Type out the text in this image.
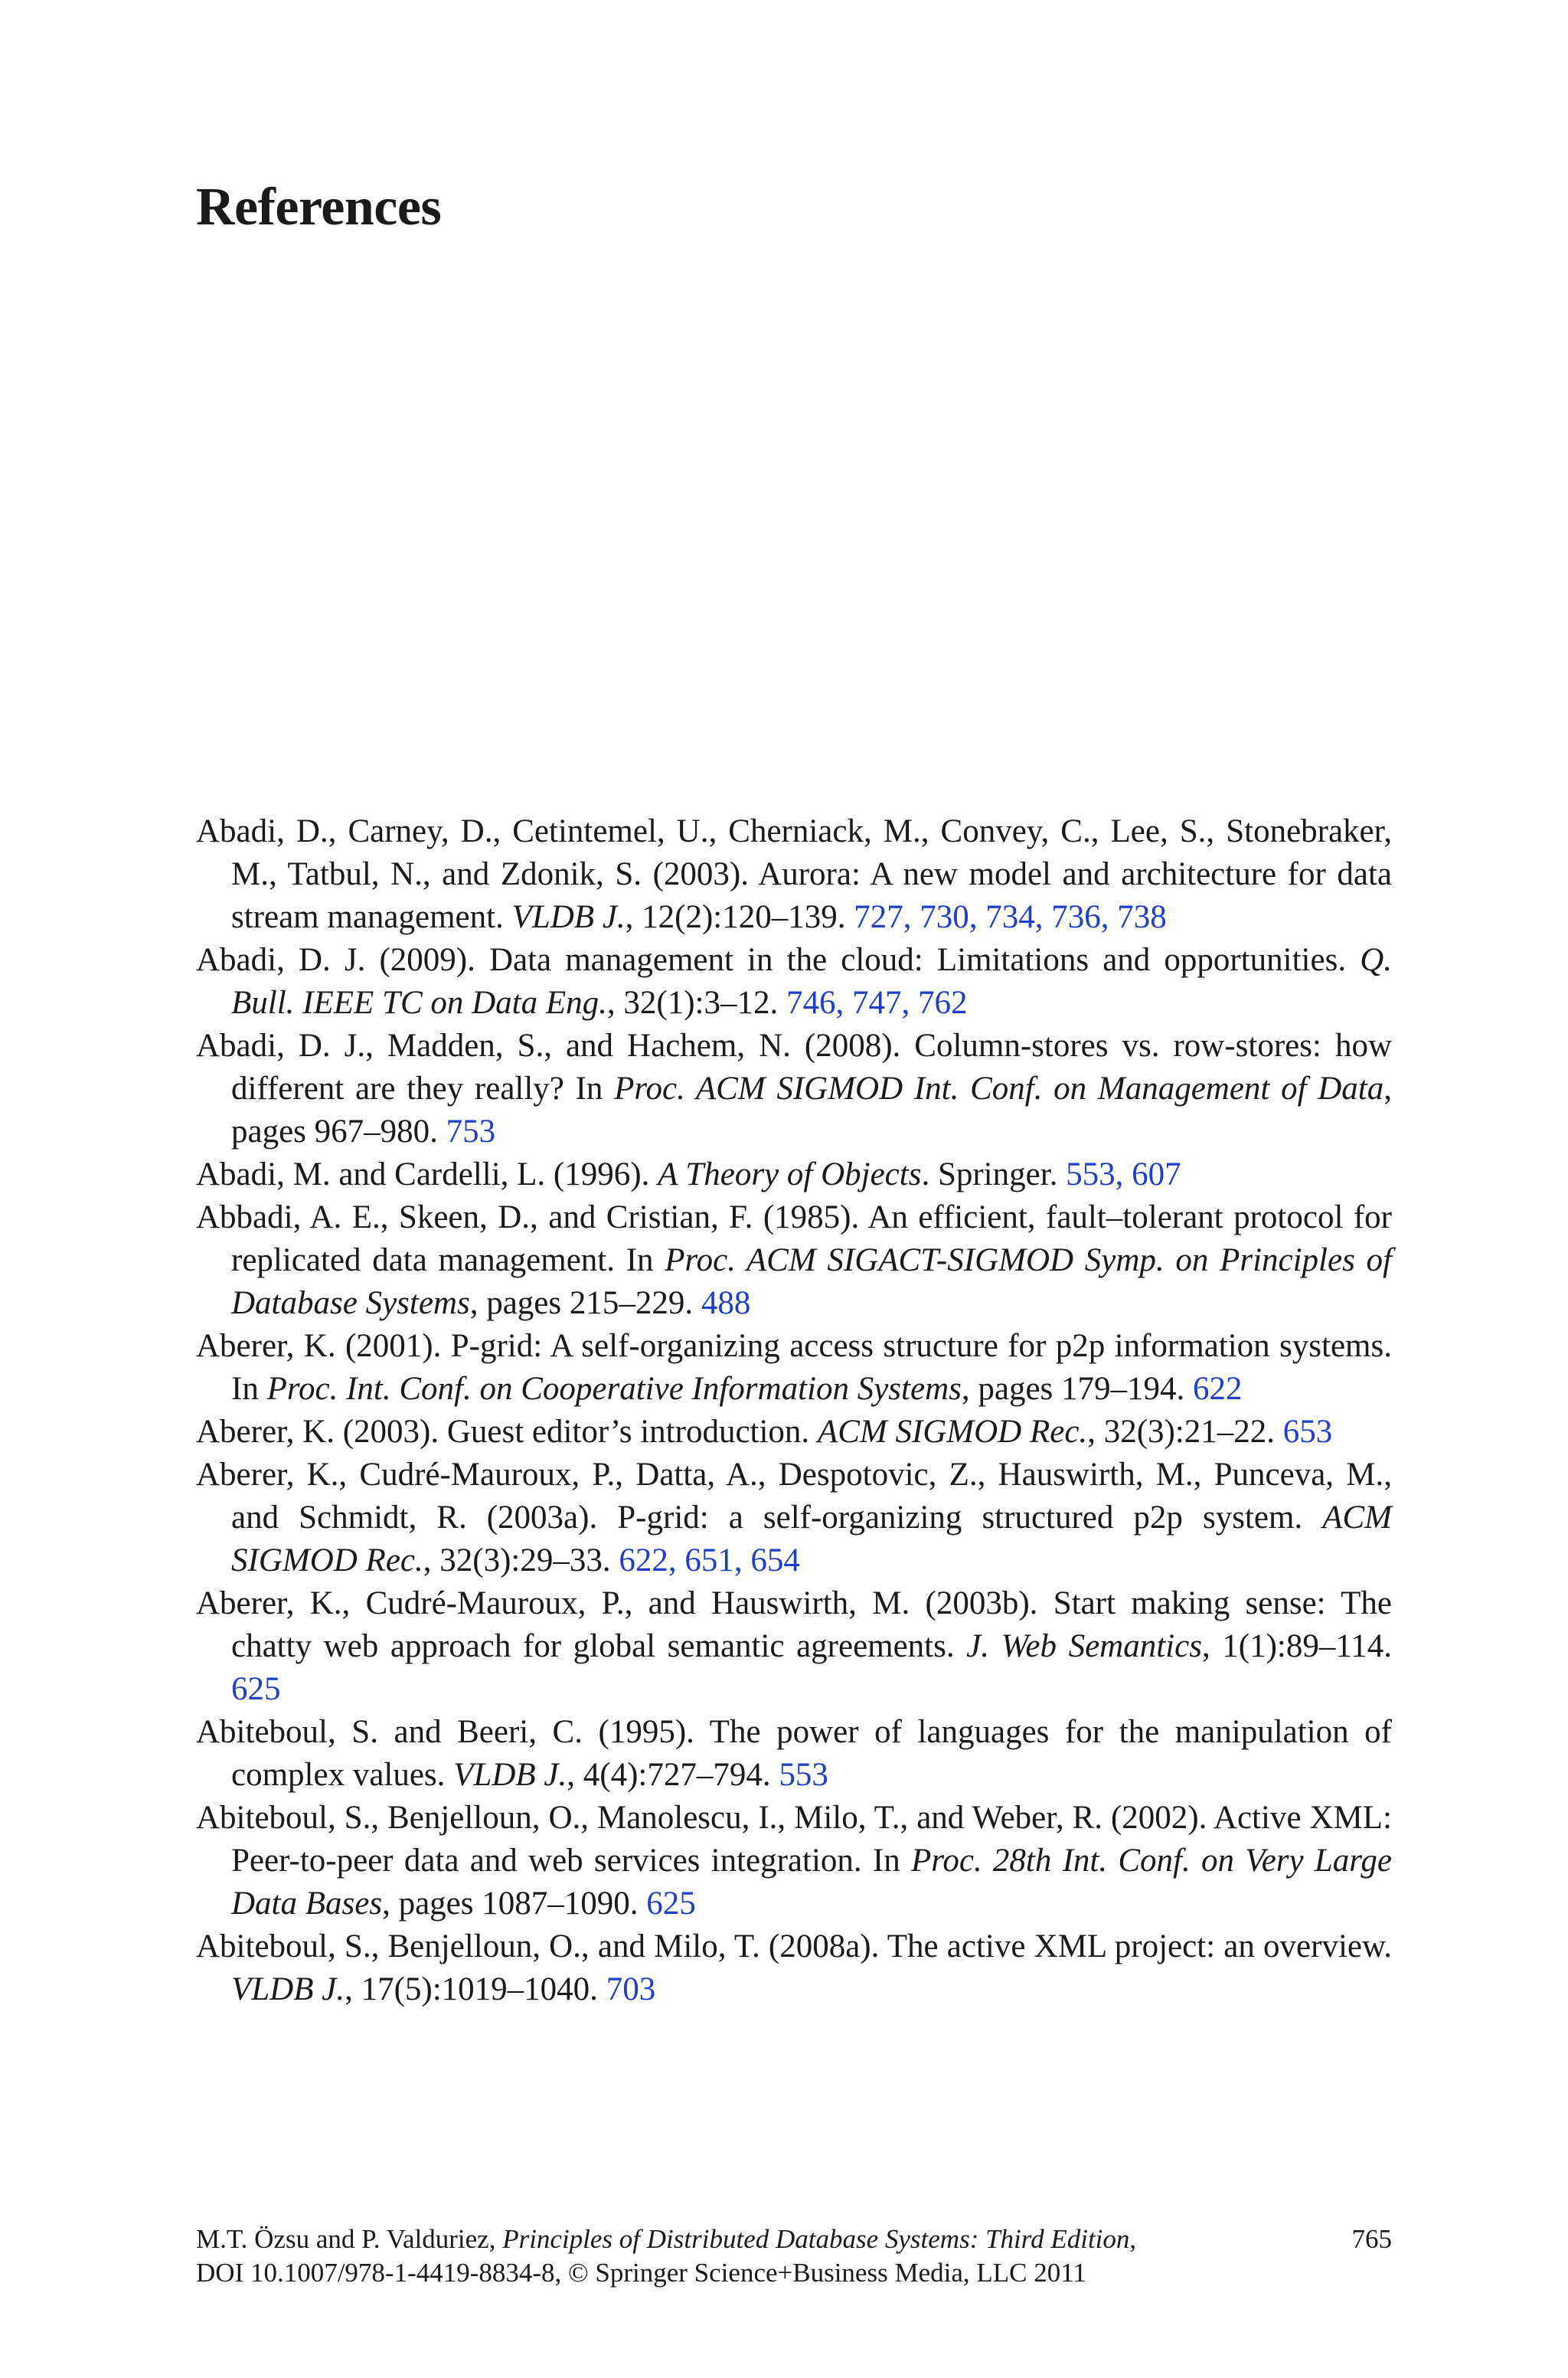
References
Abadi, D., Carney, D., Cetintemel, U., Cherniack, M., Convey, C., Lee, S., Stonebraker, M., Tatbul, N., and Zdonik, S. (2003). Aurora: A new model and architecture for data stream management. VLDB J., 12(2):120–139. 727, 730, 734, 736, 738
Abadi, D. J. (2009). Data management in the cloud: Limitations and opportunities. Q. Bull. IEEE TC on Data Eng., 32(1):3–12. 746, 747, 762
Abadi, D. J., Madden, S., and Hachem, N. (2008). Column-stores vs. row-stores: how different are they really? In Proc. ACM SIGMOD Int. Conf. on Management of Data, pages 967–980. 753
Abadi, M. and Cardelli, L. (1996). A Theory of Objects. Springer. 553, 607
Abbadi, A. E., Skeen, D., and Cristian, F. (1985). An efficient, fault–tolerant protocol for replicated data management. In Proc. ACM SIGACT-SIGMOD Symp. on Principles of Database Systems, pages 215–229. 488
Aberer, K. (2001). P-grid: A self-organizing access structure for p2p information systems. In Proc. Int. Conf. on Cooperative Information Systems, pages 179–194. 622
Aberer, K. (2003). Guest editor’s introduction. ACM SIGMOD Rec., 32(3):21–22. 653
Aberer, K., Cudré-Mauroux, P., Datta, A., Despotovic, Z., Hauswirth, M., Punceva, M., and Schmidt, R. (2003a). P-grid: a self-organizing structured p2p system. ACM SIGMOD Rec., 32(3):29–33. 622, 651, 654
Aberer, K., Cudré-Mauroux, P., and Hauswirth, M. (2003b). Start making sense: The chatty web approach for global semantic agreements. J. Web Semantics, 1(1):89–114. 625
Abiteboul, S. and Beeri, C. (1995). The power of languages for the manipulation of complex values. VLDB J., 4(4):727–794. 553
Abiteboul, S., Benjelloun, O., Manolescu, I., Milo, T., and Weber, R. (2002). Active XML: Peer-to-peer data and web services integration. In Proc. 28th Int. Conf. on Very Large Data Bases, pages 1087–1090. 625
Abiteboul, S., Benjelloun, O., and Milo, T. (2008a). The active XML project: an overview. VLDB J., 17(5):1019–1040. 703
M.T. Özsu and P. Valduriez, Principles of Distributed Database Systems: Third Edition,
DOI 10.1007/978-1-4419-8834-8, © Springer Science+Business Media, LLC 2011
765
